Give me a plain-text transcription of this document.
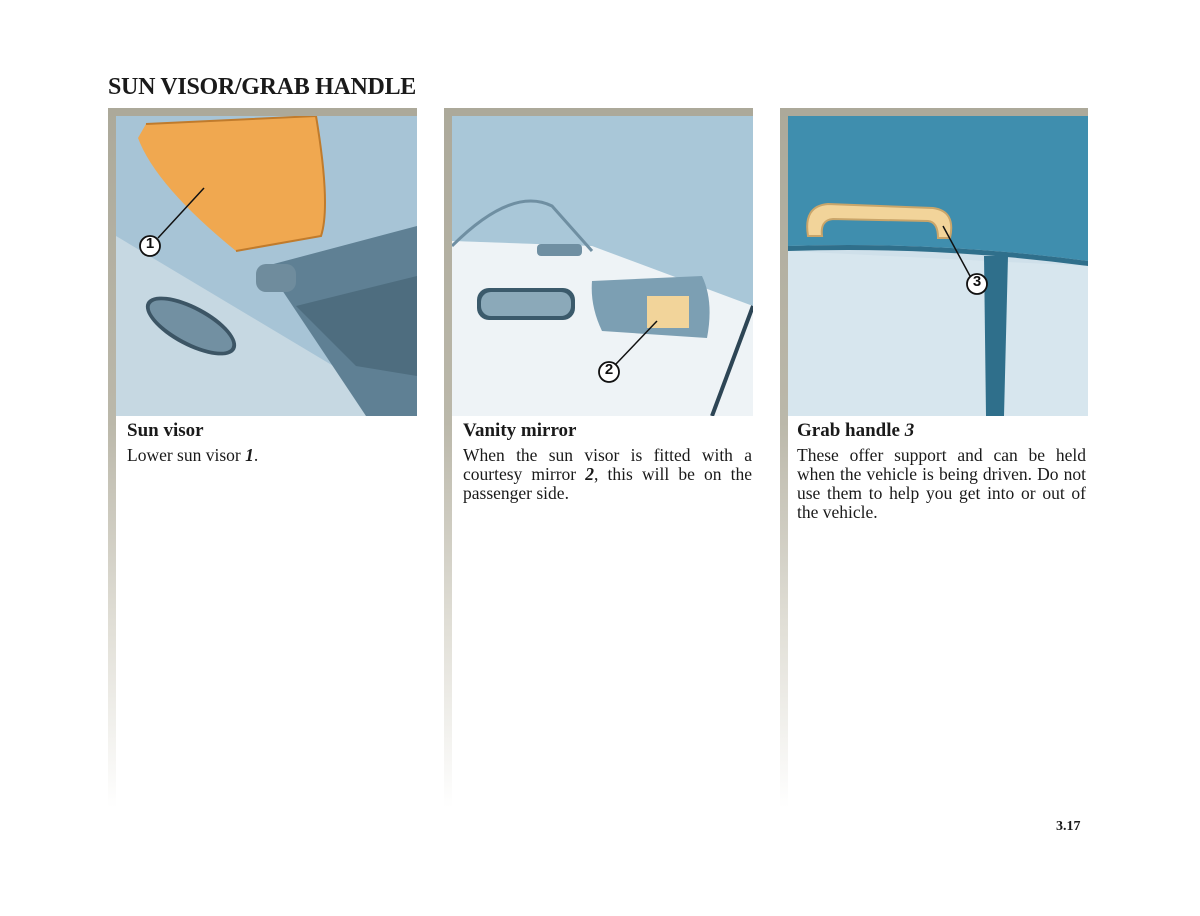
SUN VISOR/GRAB HANDLE
1
Sun visor

Lower sun visor 1.

2
Vanity mirror

When the sun visor is fitted with a courtesy mirror 2, this will be on the passenger side.

3
Grab handle 3

These offer support and can be held when the vehicle is being driven. Do not use them to help you get into or out of the vehicle.

3.17
